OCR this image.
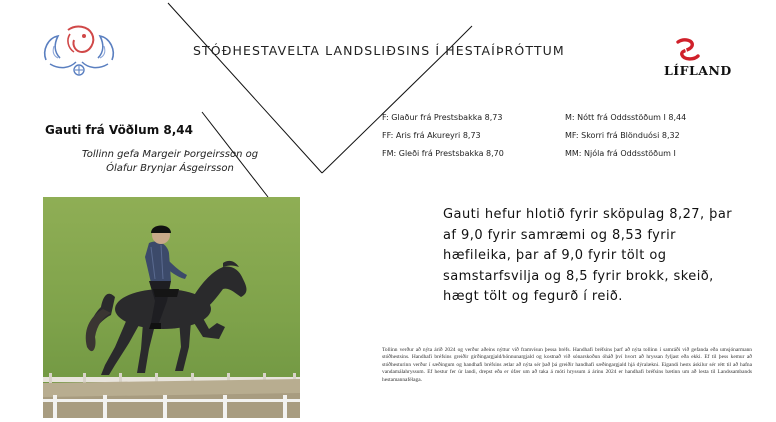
STÓÐHESTAVELTA LANDSLIÐSINS Í HESTAÍÞRÓTTUM
LÍFLAND
Gauti frá Vöðlum 8,44
Tollinn gefa Margeir Þorgeirsson og
Ólafur Brynjar Ásgeirsson
F: Glaður frá Prestsbakka 8,73
FF: Aris frá Akureyri 8,73
FM: Gleði frá Prestsbakka 8,70
M: Nótt frá Oddsstöðum I 8,44
MF: Skorri frá Blönduósi 8,32
MM: Njóla frá Oddsstöðum I
Gauti hefur hlotið fyrir sköpulag 8,27, þar af 9,0 fyrir samræmi og 8,53 fyrir hæfileika, þar af 9,0 fyrir tölt og samstarfsvilja og 8,5 fyrir brokk, skeið, hægt tölt og fegurð í reið.
Tollinn verður að nýta árið 2024 og verður aðeins nýttur við framvísun þessa bréfs. Handhafi bréfsins þarf að nýta tollinn í samráði við gefanda eða umsjónarmann stóðhestsins. Handhafi bréfsins greiðir girðingargjald/hönnunargjald og kostnað við sónarskoðun óháð því hvort að hryssan fyljast eða ekki. Ef til þess kemur að stóðhesturinn verður í sæðingum og handhafi bréfsins ætlar að nýta sér það þá greiðir handhafi sæðingargjald hjá dýralækni. Eigandi hests áskilur sér rétt til að hafna vandamálahryssum. Ef hestur fer úr landi, drepst eða er ófær um að taka á móti hryssum á árinu 2024 er handhafi bréfsins bætinn um að lesta til Landssambands hestamannafélaga.
